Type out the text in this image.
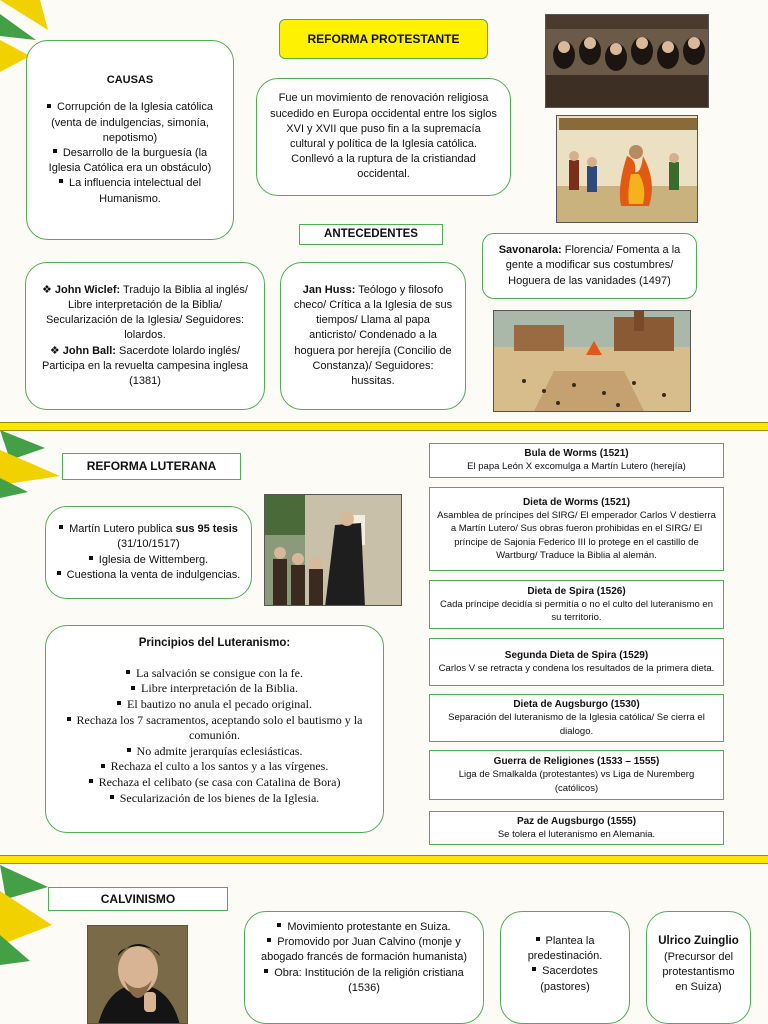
REFORMA PROTESTANTE
CAUSAS
Corrupción de la Iglesia católica (venta de indulgencias, simonía, nepotismo)
Desarrollo de la burguesía (la Iglesia Católica era un obstáculo)
La influencia intelectual del Humanismo.
Fue un movimiento de renovación religiosa sucedido en Europa occidental entre los siglos XVI y XVII que puso fin a la supremacía cultural y política de la Iglesia católica. Conllevó a la ruptura de la cristiandad occidental.
ANTECEDENTES
Savonarola: Florencia/ Fomenta a la gente a modificar sus costumbres/ Hoguera de las vanidades (1497)
❖ John Wiclef: Tradujo la Biblia al inglés/ Libre interpretación de la Biblia/ Secularización de la Iglesia/ Seguidores: lolardos.
❖ John Ball: Sacerdote lolardo inglés/ Participa en la revuelta campesina inglesa (1381)
Jan Huss: Teólogo y filosofo checo/ Crítica a la Iglesia de sus tiempos/ Llama al papa anticristo/ Condenado a la hoguera por herejía (Concilio de Constanza)/ Seguidores: hussitas.
REFORMA LUTERANA
Martín Lutero publica sus 95 tesis (31/10/1517)
Iglesia de Wittemberg.
Cuestiona la venta de indulgencias.
Principios del Luteranismo:
La salvación se consigue con la fe.
Libre interpretación de la Biblia.
El bautizo no anula el pecado original.
Rechaza los 7 sacramentos, aceptando solo el bautismo y la comunión.
No admite jerarquías eclesiásticas.
Rechaza el culto a los santos y a las vírgenes.
Rechaza el celibato (se casa con Catalina de Bora)
Secularización de los bienes de la Iglesia.
Bula de Worms (1521)
El papa León X excomulga a Martín Lutero (herejía)
Dieta de Worms (1521)
Asamblea de príncipes del SIRG/ El emperador Carlos V destierra a Martín Lutero/ Sus obras fueron prohibidas en el SIRG/ El príncipe de Sajonia Federico III lo protege en el castillo de Wartburg/ Traduce la Biblia al alemán.
Dieta de Spira (1526)
Cada príncipe decidía si permitía o no el culto del luteranismo en su territorio.
Segunda Dieta de Spira (1529)
Carlos V se retracta y condena los resultados de la primera dieta.
Dieta de Augsburgo (1530)
Separación del luteranismo de la Iglesia católica/ Se cierra el dialogo.
Guerra de Religiones (1533 – 1555)
Liga de Smalkalda (protestantes) vs Liga de Nuremberg (católicos)
Paz de Augsburgo (1555)
Se tolera el luteranismo en Alemania.
CALVINISMO
Movimiento protestante en Suiza.
Promovido por Juan Calvino (monje y abogado francés de formación humanista)
Obra: Institución de la religión cristiana (1536)
Plantea la predestinación.
Sacerdotes (pastores)
Ulrico Zuinglio
(Precursor del protestantismo en Suiza)
